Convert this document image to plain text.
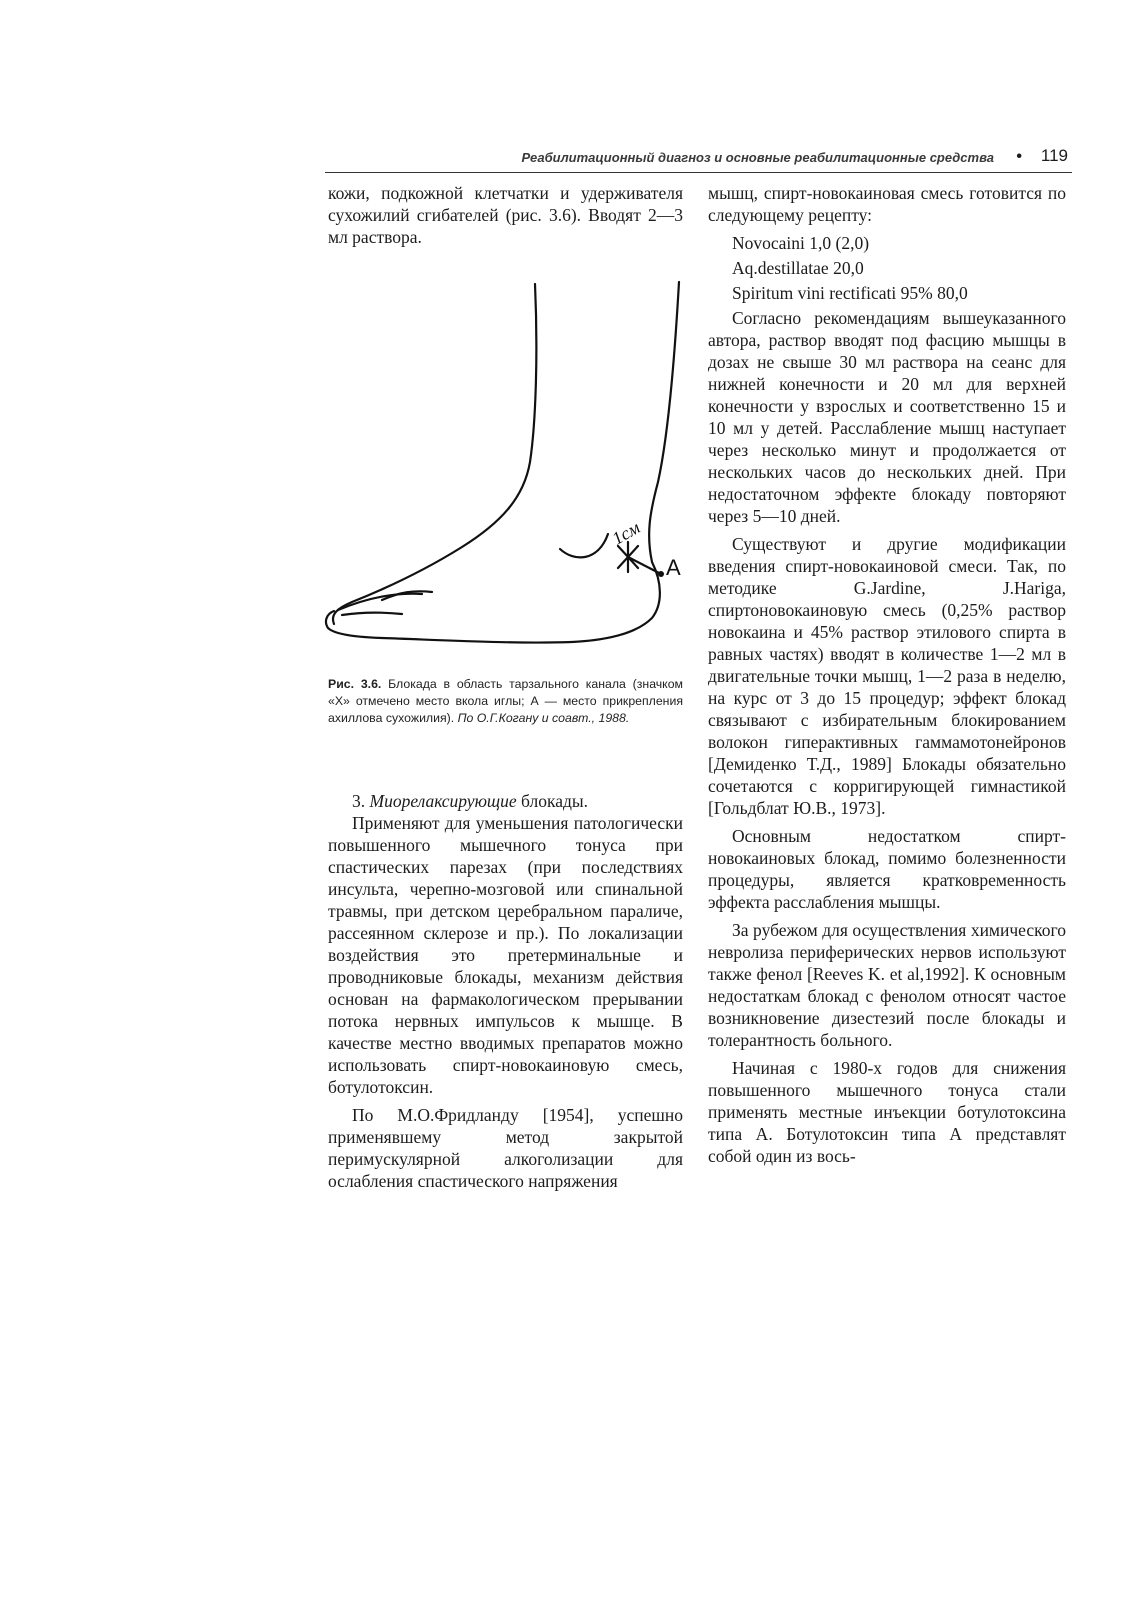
Реабилитационный диагноз и основные реабилитационные средства • 119

кожи, подкожной клетчатки и удерживателя сухожилий сгибателей (рис. 3.6). Вводят 2—3 мл раствора.

1см
A
Рис. 3.6. Блокада в область тарзального канала (значком «Х» отмечено место вкола иглы; А — место прикрепления ахиллова сухожилия). По О.Г.Когану и соавт., 1988.

3. Миорелаксирующие блокады.

Применяют для уменьшения патологически повышенного мышечного тонуса при спастических парезах (при последствиях инсульта, черепно-мозговой или спинальной травмы, при детском церебральном параличе, рассеянном склерозе и пр.). По локализации воздействия это претерминальные и проводниковые блокады, механизм действия основан на фармакологическом прерывании потока нервных импульсов к мышце. В качестве местно вводимых препаратов можно использовать спирт-новокаиновую смесь, ботулотоксин.

По М.О.Фридланду [1954], успешно применявшему метод закрытой перимускулярной алкоголизации для ослабления спастического напряжения

мышц, спирт-новокаиновая смесь готовится по следующему рецепту:

Novocaini 1,0 (2,0)

Aq.destillatae 20,0

Spiritum vini rectificati 95% 80,0

Согласно рекомендациям вышеуказанного автора, раствор вводят под фасцию мышцы в дозах не свыше 30 мл раствора на сеанс для нижней конечности и 20 мл для верхней конечности у взрослых и соответственно 15 и 10 мл у детей. Расслабление мышц наступает через несколько минут и продолжается от нескольких часов до нескольких дней. При недостаточном эффекте блокаду повторяют через 5—10 дней.

Существуют и другие модификации введения спирт-новокаиновой смеси. Так, по методике G.Jardine, J.Hariga, спиртоновокаиновую смесь (0,25% раствор новокаина и 45% раствор этилового спирта в равных частях) вводят в количестве 1—2 мл в двигательные точки мышц, 1—2 раза в неделю, на курс от 3 до 15 процедур; эффект блокад связывают с избирательным блокированием волокон гиперактивных гаммамотонейронов [Демиденко Т.Д., 1989] Блокады обязательно сочетаются с корригирующей гимнастикой [Гольдблат Ю.В., 1973].

Основным недостатком спирт-новокаиновых блокад, помимо болезненности процедуры, является кратковременность эффекта расслабления мышцы.

За рубежом для осуществления химического невролиза периферических нервов используют также фенол [Reeves K. et al,1992]. К основным недостаткам блокад с фенолом относят частое возникновение дизестезий после блокады и толерантность больного.

Начиная с 1980-х годов для снижения повышенного мышечного тонуса стали применять местные инъекции ботулотоксина типа А. Ботулотоксин типа А представлят собой один из вось-
